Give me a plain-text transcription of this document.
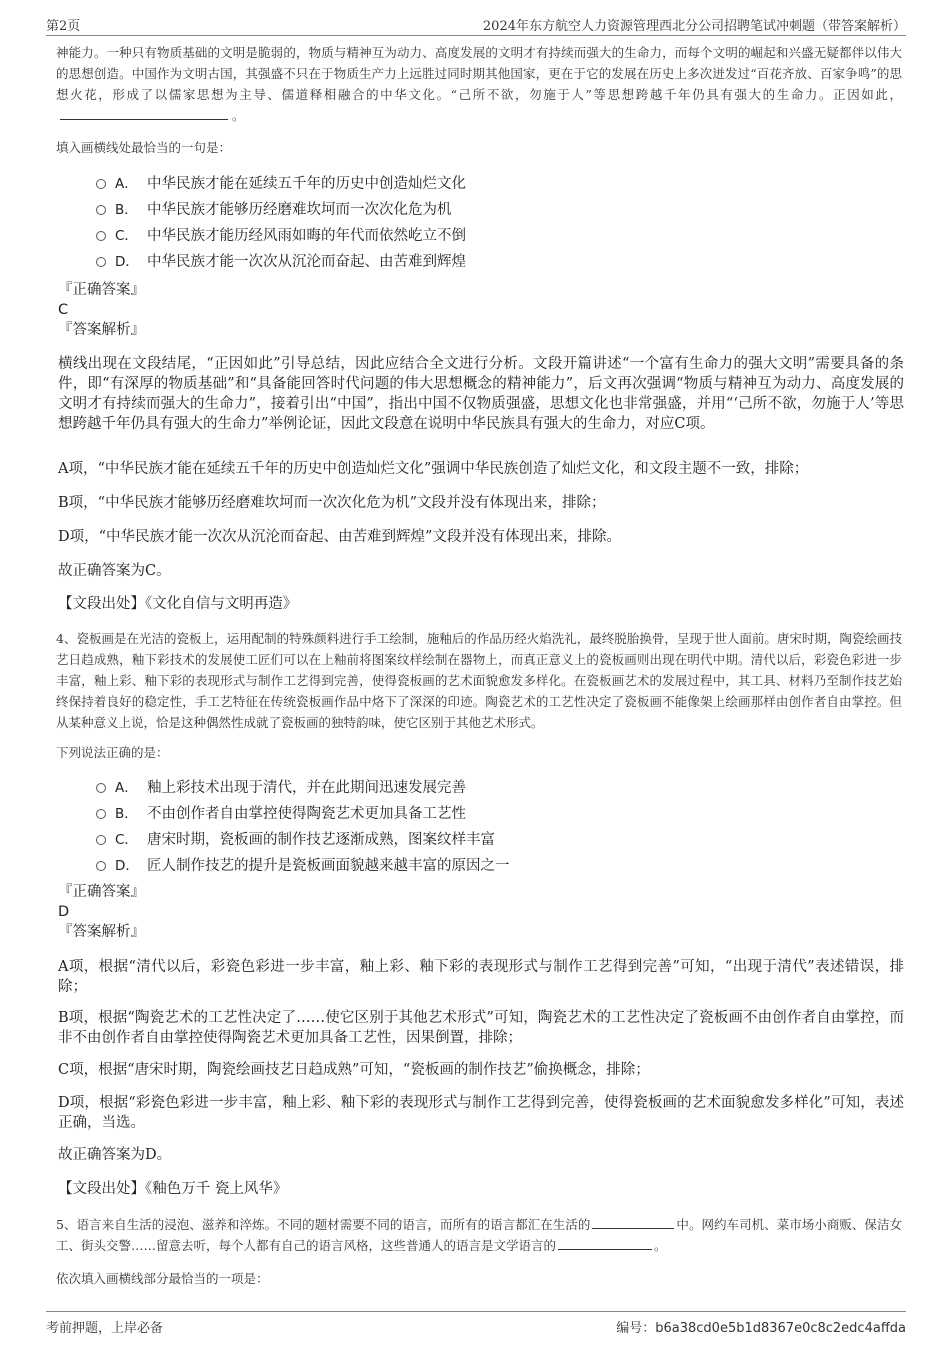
第2页	2024年东方航空人力资源管理西北分公司招聘笔试冲刺题（带答案解析）

神能力。一种只有物质基础的文明是脆弱的，物质与精神互为动力、高度发展的文明才有持续而强大的生命力，而每个文明的崛起和兴盛无疑都伴以伟大的思想创造。中国作为文明古国，其强盛不只在于物质生产力上远胜过同时期其他国家，更在于它的发展在历史上多次迸发过“百花齐放、百家争鸣”的思想火花，形成了以儒家思想为主导、儒道释相融合的中华文化。“己所不欲，勿施于人”等思想跨越千年仍具有强大的生命力。正因如此，。

填入画横线处最恰当的一句是：

A． 中华民族才能在延续五千年的历史中创造灿烂文化
B． 中华民族才能够历经磨难坎坷而一次次化危为机
C． 中华民族才能历经风雨如晦的年代而依然屹立不倒
D． 中华民族才能一次次从沉沦而奋起、由苦难到辉煌

『正确答案』

C

『答案解析』

横线出现在文段结尾，“正因如此”引导总结，因此应结合全文进行分析。文段开篇讲述“一个富有生命力的强大文明”需要具备的条件，即“有深厚的物质基础”和“具备能回答时代问题的伟大思想概念的精神能力”，后文再次强调“物质与精神互为动力、高度发展的文明才有持续而强大的生命力”，接着引出“中国”，指出中国不仅物质强盛，思想文化也非常强盛，并用“‘己所不欲，勿施于人’等思想跨越千年仍具有强大的生命力”举例论证，因此文段意在说明中华民族具有强大的生命力，对应C项。

A项，“中华民族才能在延续五千年的历史中创造灿烂文化”强调中华民族创造了灿烂文化，和文段主题不一致，排除；

B项，“中华民族才能够历经磨难坎坷而一次次化危为机”文段并没有体现出来，排除；

D项，“中华民族才能一次次从沉沦而奋起、由苦难到辉煌”文段并没有体现出来，排除。

故正确答案为C。

【文段出处】《文化自信与文明再造》

4、瓷板画是在光洁的瓷板上，运用配制的特殊颜料进行手工绘制，施釉后的作品历经火焰洗礼，最终脱胎换骨，呈现于世人面前。唐宋时期，陶瓷绘画技艺日趋成熟，釉下彩技术的发展使工匠们可以在上釉前将图案纹样绘制在器物上，而真正意义上的瓷板画则出现在明代中期。清代以后，彩瓷色彩进一步丰富，釉上彩、釉下彩的表现形式与制作工艺得到完善，使得瓷板画的艺术面貌愈发多样化。在瓷板画艺术的发展过程中，其工具、材料乃至制作技艺始终保持着良好的稳定性，手工艺特征在传统瓷板画作品中烙下了深深的印迹。陶瓷艺术的工艺性决定了瓷板画不能像架上绘画那样由创作者自由掌控。但从某种意义上说，恰是这种偶然性成就了瓷板画的独特韵味，使它区别于其他艺术形式。

下列说法正确的是：

A． 釉上彩技术出现于清代，并在此期间迅速发展完善
B． 不由创作者自由掌控使得陶瓷艺术更加具备工艺性
C． 唐宋时期，瓷板画的制作技艺逐渐成熟，图案纹样丰富
D． 匠人制作技艺的提升是瓷板画面貌越来越丰富的原因之一

『正确答案』

D

『答案解析』

A项，根据“清代以后，彩瓷色彩进一步丰富，釉上彩、釉下彩的表现形式与制作工艺得到完善”可知，“出现于清代”表述错误，排除；

B项，根据“陶瓷艺术的工艺性决定了……使它区别于其他艺术形式”可知，陶瓷艺术的工艺性决定了瓷板画不由创作者自由掌控，而非不由创作者自由掌控使得陶瓷艺术更加具备工艺性，因果倒置，排除；

C项，根据“唐宋时期，陶瓷绘画技艺日趋成熟”可知，“瓷板画的制作技艺”偷换概念，排除；

D项，根据“彩瓷色彩进一步丰富，釉上彩、釉下彩的表现形式与制作工艺得到完善，使得瓷板画的艺术面貌愈发多样化”可知，表述正确，当选。

故正确答案为D。

【文段出处】《釉色万千 瓷上风华》

5、语言来自生活的浸泡、滋养和淬炼。不同的题材需要不同的语言，而所有的语言都汇在生活的	中。网约车司机、菜市场小商贩、保洁女工、街头交警……留意去听，每个人都有自己的语言风格，这些普通人的语言是文学语言的	。

依次填入画横线部分最恰当的一项是：

考前押题，上岸必备	编号：b6a38cd0e5b1d8367e0c8c2edc4affda
